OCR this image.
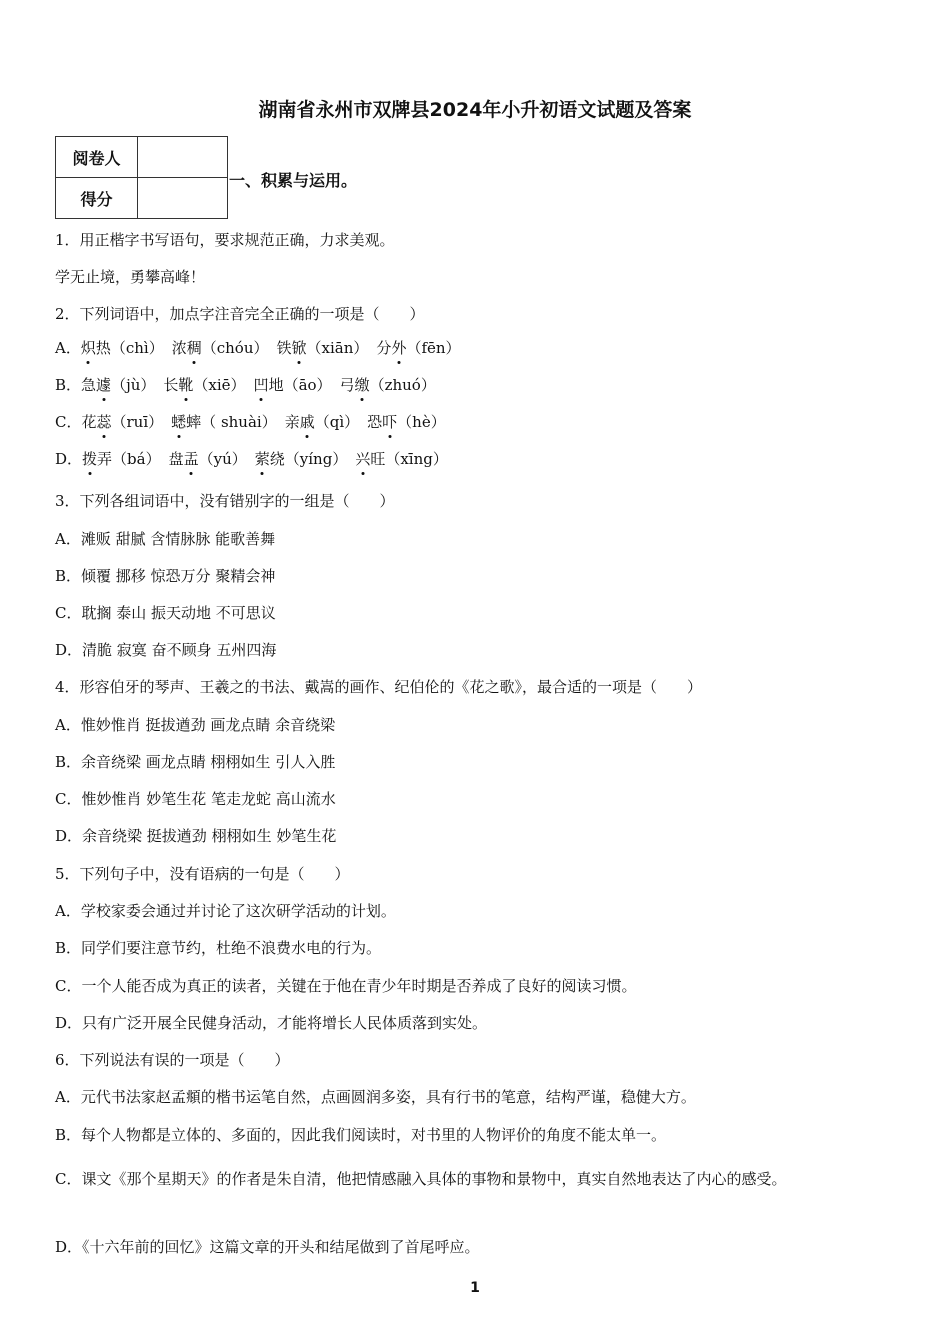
湖南省永州市双牌县2024年小升初语文试题及答案
阅卷人	
得分	
一、积累与运用。
1．用正楷字书写语句，要求规范正确，力求美观。
学无止境，勇攀高峰！
2．下列词语中，加点字注音完全正确的一项是（　　）
A．炽热（chì） 浓稠（chóu） 铁锨（xiān） 分外（fēn）
B．急遽（jù） 长靴（xiē） 凹地（āo） 弓缴（zhuó）
C．花蕊（ruī） 蟋蟀（ shuài） 亲戚（qì） 恐吓（hè）
D．拨弄（bá） 盘盂（yú） 萦绕（yíng） 兴旺（xīng）
3．下列各组词语中，没有错别字的一组是（　　）
A．滩贩 甜腻 含情脉脉 能歌善舞
B．倾覆 挪移 惊恐万分 聚精会神
C．耽搁 泰山 振天动地 不可思议
D．清脆 寂寞 奋不顾身 五州四海
4．形容伯牙的琴声、王羲之的书法、戴嵩的画作、纪伯伦的《花之歌》，最合适的一项是（　　）
A．惟妙惟肖 挺拔遒劲 画龙点睛 余音绕梁
B．余音绕梁 画龙点睛 栩栩如生 引人入胜
C．惟妙惟肖 妙笔生花 笔走龙蛇 高山流水
D．余音绕梁 挺拔遒劲 栩栩如生 妙笔生花
5．下列句子中，没有语病的一句是（　　）
A．学校家委会通过并讨论了这次研学活动的计划。
B．同学们要注意节约，杜绝不浪费水电的行为。
C．一个人能否成为真正的读者，关键在于他在青少年时期是否养成了良好的阅读习惯。
D．只有广泛开展全民健身活动，才能将增长人民体质落到实处。
6．下列说法有误的一项是（　　）
A．元代书法家赵孟頫的楷书运笔自然，点画圆润多姿，具有行书的笔意，结构严谨，稳健大方。
B．每个人物都是立体的、多面的，因此我们阅读时，对书里的人物评价的角度不能太单一。
C．课文《那个星期天》的作者是朱自清，他把情感融入具体的事物和景物中，真实自然地表达了内心的感受。
D．《十六年前的回忆》这篇文章的开头和结尾做到了首尾呼应。
1
